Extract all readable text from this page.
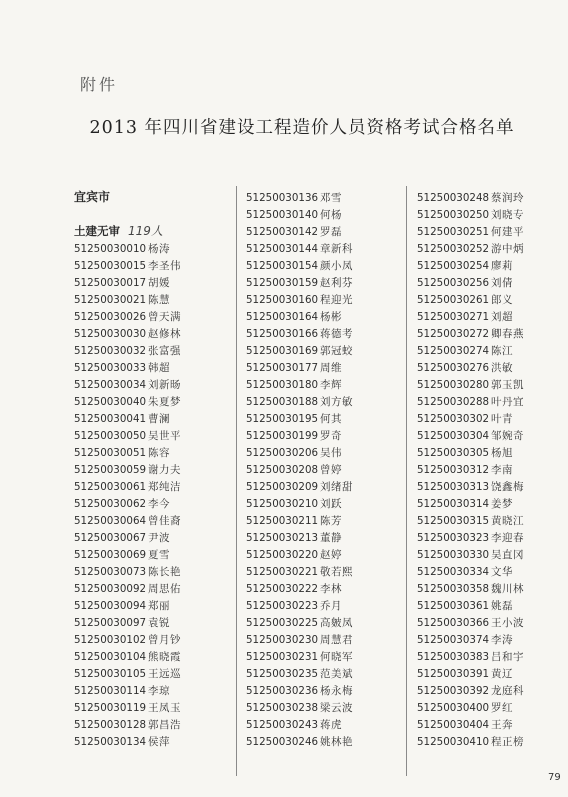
附件
2013 年四川省建设工程造价人员资格考试合格名单
宜宾市
土建无审 119人
51250030010 杨涛
51250030015 李圣伟
51250030017 胡媛
51250030021 陈慧
51250030026 曾天满
51250030030 赵修林
51250030032 张富强
51250030033 韩超
51250030034 刘新旸
51250030040 朱夏梦
51250030041 曹澜
51250030050 吴世平
51250030051 陈容
51250030059 谢力夫
51250030061 郑纯洁
51250030062 李今
51250030064 曾佳裔
51250030067 尹波
51250030069 夏雪
51250030073 陈长艳
51250030092 周思佑
51250030094 郑丽
51250030097 袁锐
51250030102 曾月钞
51250030104 熊晓霞
51250030105 王远巡
51250030114 李琼
51250030119 王凤玉
51250030128 郭昌浩
51250030134 侯萍
51250030136 邓雪
51250030140 何杨
51250030142 罗磊
51250030144 章新科
51250030154 颜小凤
51250030159 赵利芬
51250030160 程迎光
51250030164 杨彬
51250030166 蒋德考
51250030169 郭冠蛟
51250030177 周维
51250030180 李辉
51250030188 刘方敏
51250030195 何其
51250030199 罗奇
51250030206 吴伟
51250030208 曾婷
51250030209 刘绪甜
51250030210 刘跃
51250030211 陈芳
51250030213 董静
51250030220 赵婷
51250030221 敬若熙
51250030222 李林
51250030223 乔月
51250030225 高皴凤
51250030230 周慧君
51250030231 何晓军
51250030235 范美斌
51250030236 杨永梅
51250030238 梁云波
51250030243 蒋虎
51250030246 姚林艳
51250030248 蔡润玲
51250030250 刘晓专
51250030251 何建平
51250030252 游中炳
51250030254 廖莉
51250030256 刘倩
51250030261 郎义
51250030271 刘超
51250030272 卿春燕
51250030274 陈江
51250030276 洪敏
51250030280 郭玉凯
51250030288 叶丹宜
51250030302 叶青
51250030304 邹婉奇
51250030305 杨旭
51250030312 李南
51250030313 饶鑫梅
51250030314 姜梦
51250030315 黄晓江
51250030323 李迎春
51250030330 吴直冈
51250030334 文华
51250030358 魏川林
51250030361 姚磊
51250030366 王小波
51250030374 李涛
51250030383 吕和宇
51250030391 黄辽
51250030392 龙庭科
51250030400 罗红
51250030404 王奔
51250030410 程正榜
79
